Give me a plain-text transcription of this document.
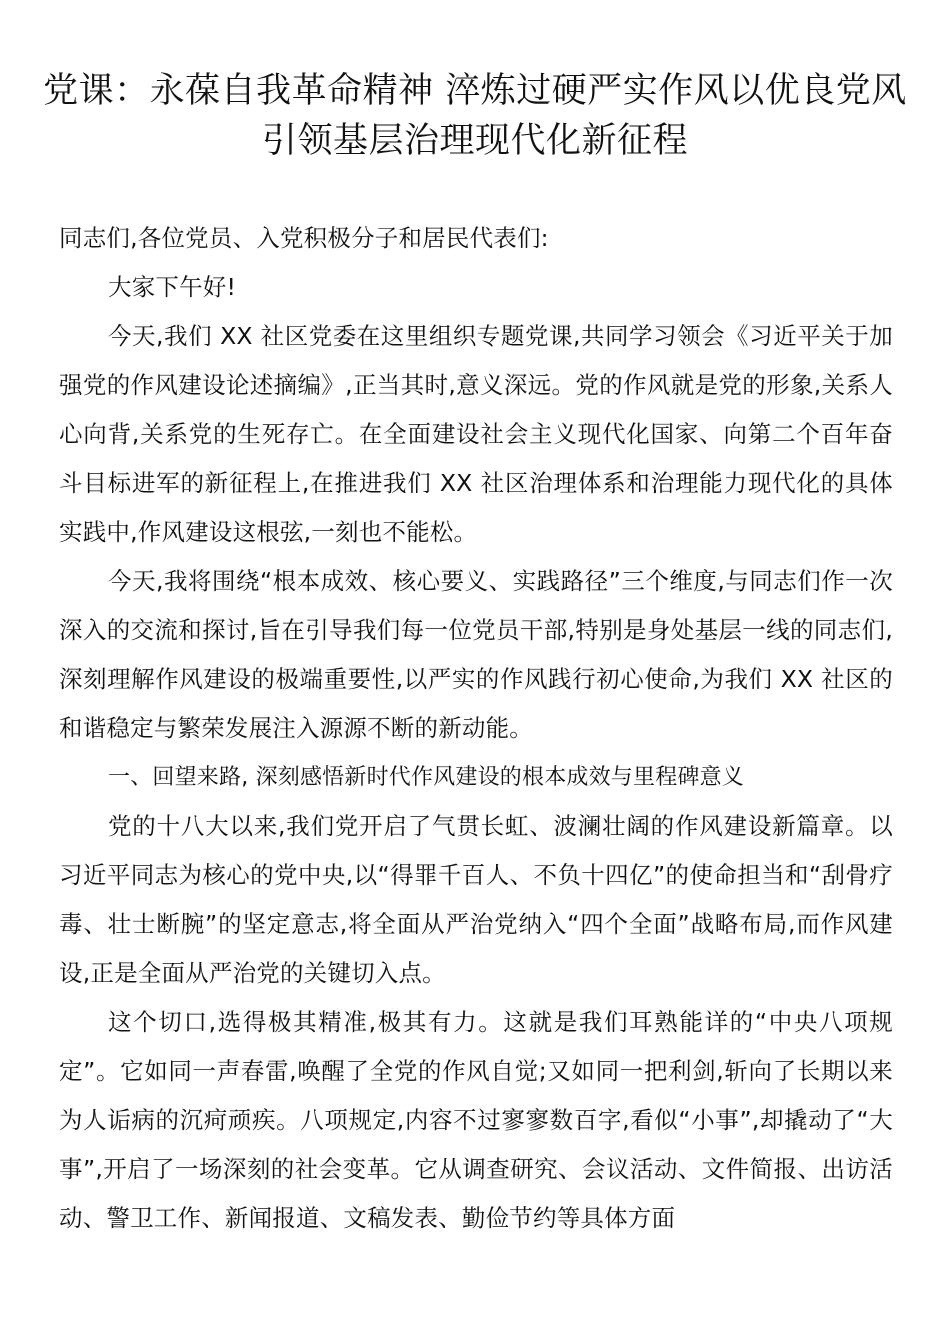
党课：永葆自我革命精神 淬炼过硬严实作风以优良党风引领基层治理现代化新征程

同志们,各位党员、入党积极分子和居民代表们:

大家下午好!

今天,我们 XX 社区党委在这里组织专题党课,共同学习领会《习近平关于加强党的作风建设论述摘编》,正当其时,意义深远。党的作风就是党的形象,关系人心向背,关系党的生死存亡。在全面建设社会主义现代化国家、向第二个百年奋斗目标进军的新征程上,在推进我们 XX 社区治理体系和治理能力现代化的具体实践中,作风建设这根弦,一刻也不能松。

今天,我将围绕“根本成效、核心要义、实践路径”三个维度,与同志们作一次深入的交流和探讨,旨在引导我们每一位党员干部,特别是身处基层一线的同志们,深刻理解作风建设的极端重要性,以严实的作风践行初心使命,为我们 XX 社区的和谐稳定与繁荣发展注入源源不断的新动能。

一、回望来路, 深刻感悟新时代作风建设的根本成效与里程碑意义

党的十八大以来,我们党开启了气贯长虹、波澜壮阔的作风建设新篇章。以习近平同志为核心的党中央,以“得罪千百人、不负十四亿”的使命担当和“刮骨疗毒、壮士断腕”的坚定意志,将全面从严治党纳入“四个全面”战略布局,而作风建设,正是全面从严治党的关键切入点。

这个切口,选得极其精准,极其有力。这就是我们耳熟能详的“中央八项规定”。它如同一声春雷,唤醒了全党的作风自觉;又如同一把利剑,斩向了长期以来为人诟病的沉疴顽疾。八项规定,内容不过寥寥数百字,看似“小事”,却撬动了“大事”,开启了一场深刻的社会变革。它从调查研究、会议活动、文件简报、出访活动、警卫工作、新闻报道、文稿发表、勤俭节约等具体方面
